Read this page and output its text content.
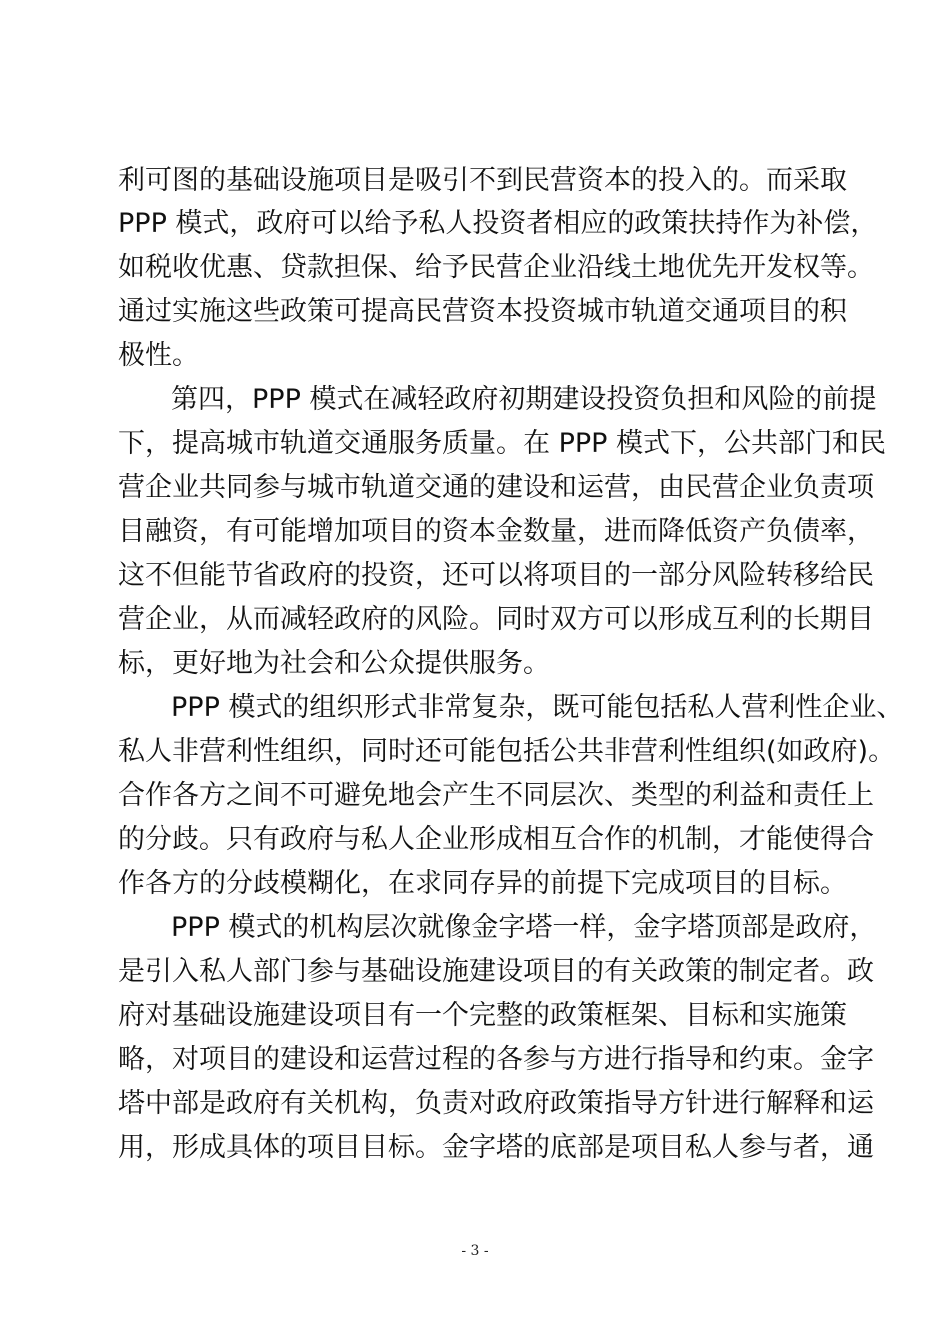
利可图的基础设施项目是吸引不到民营资本的投入的。而采取
PPP 模式，政府可以给予私人投资者相应的政策扶持作为补偿，
如税收优惠、贷款担保、给予民营企业沿线土地优先开发权等。
通过实施这些政策可提高民营资本投资城市轨道交通项目的积
极性。
第四，PPP 模式在减轻政府初期建设投资负担和风险的前提
下，提高城市轨道交通服务质量。在 PPP 模式下，公共部门和民
营企业共同参与城市轨道交通的建设和运营，由民营企业负责项
目融资，有可能增加项目的资本金数量，进而降低资产负债率，
这不但能节省政府的投资，还可以将项目的一部分风险转移给民
营企业，从而减轻政府的风险。同时双方可以形成互利的长期目
标，更好地为社会和公众提供服务。
PPP 模式的组织形式非常复杂，既可能包括私人营利性企业、
私人非营利性组织，同时还可能包括公共非营利性组织(如政府)。
合作各方之间不可避免地会产生不同层次、类型的利益和责任上
的分歧。只有政府与私人企业形成相互合作的机制，才能使得合
作各方的分歧模糊化，在求同存异的前提下完成项目的目标。
PPP 模式的机构层次就像金字塔一样，金字塔顶部是政府，
是引入私人部门参与基础设施建设项目的有关政策的制定者。政
府对基础设施建设项目有一个完整的政策框架、目标和实施策
略，对项目的建设和运营过程的各参与方进行指导和约束。金字
塔中部是政府有关机构，负责对政府政策指导方针进行解释和运
用，形成具体的项目目标。金字塔的底部是项目私人参与者，通
- 3 -
